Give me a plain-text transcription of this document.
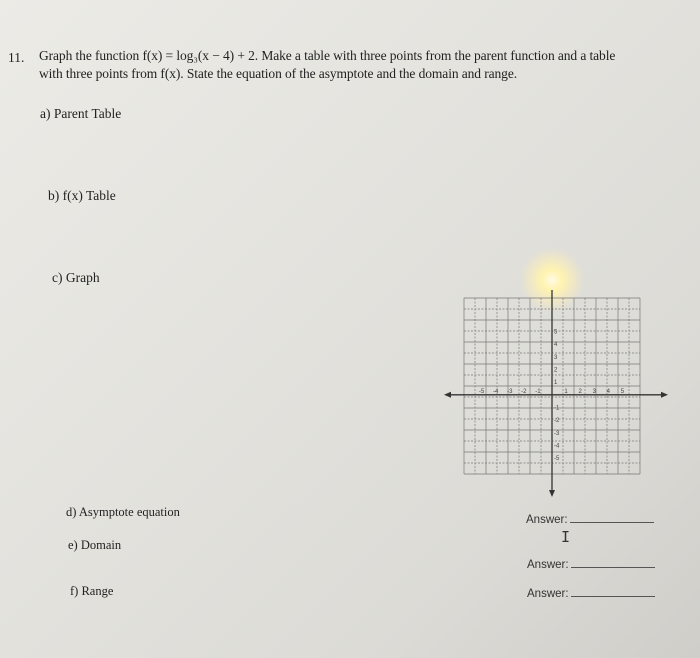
11. Graph the function f(x) = log₃(x − 4) + 2. Make a table with three points from the parent function and a table
with three points from f(x). State the equation of the asymptote and the domain and range.
a) Parent Table
b) f(x) Table
c) Graph
-5 -4 -3 -2 -1	1 2 3 4 5
5
4
3
2
1
-1
-2
-3
-4
-5
d) Asymptote equation
e) Domain
f) Range
Answer:
I
Answer:
Answer:
